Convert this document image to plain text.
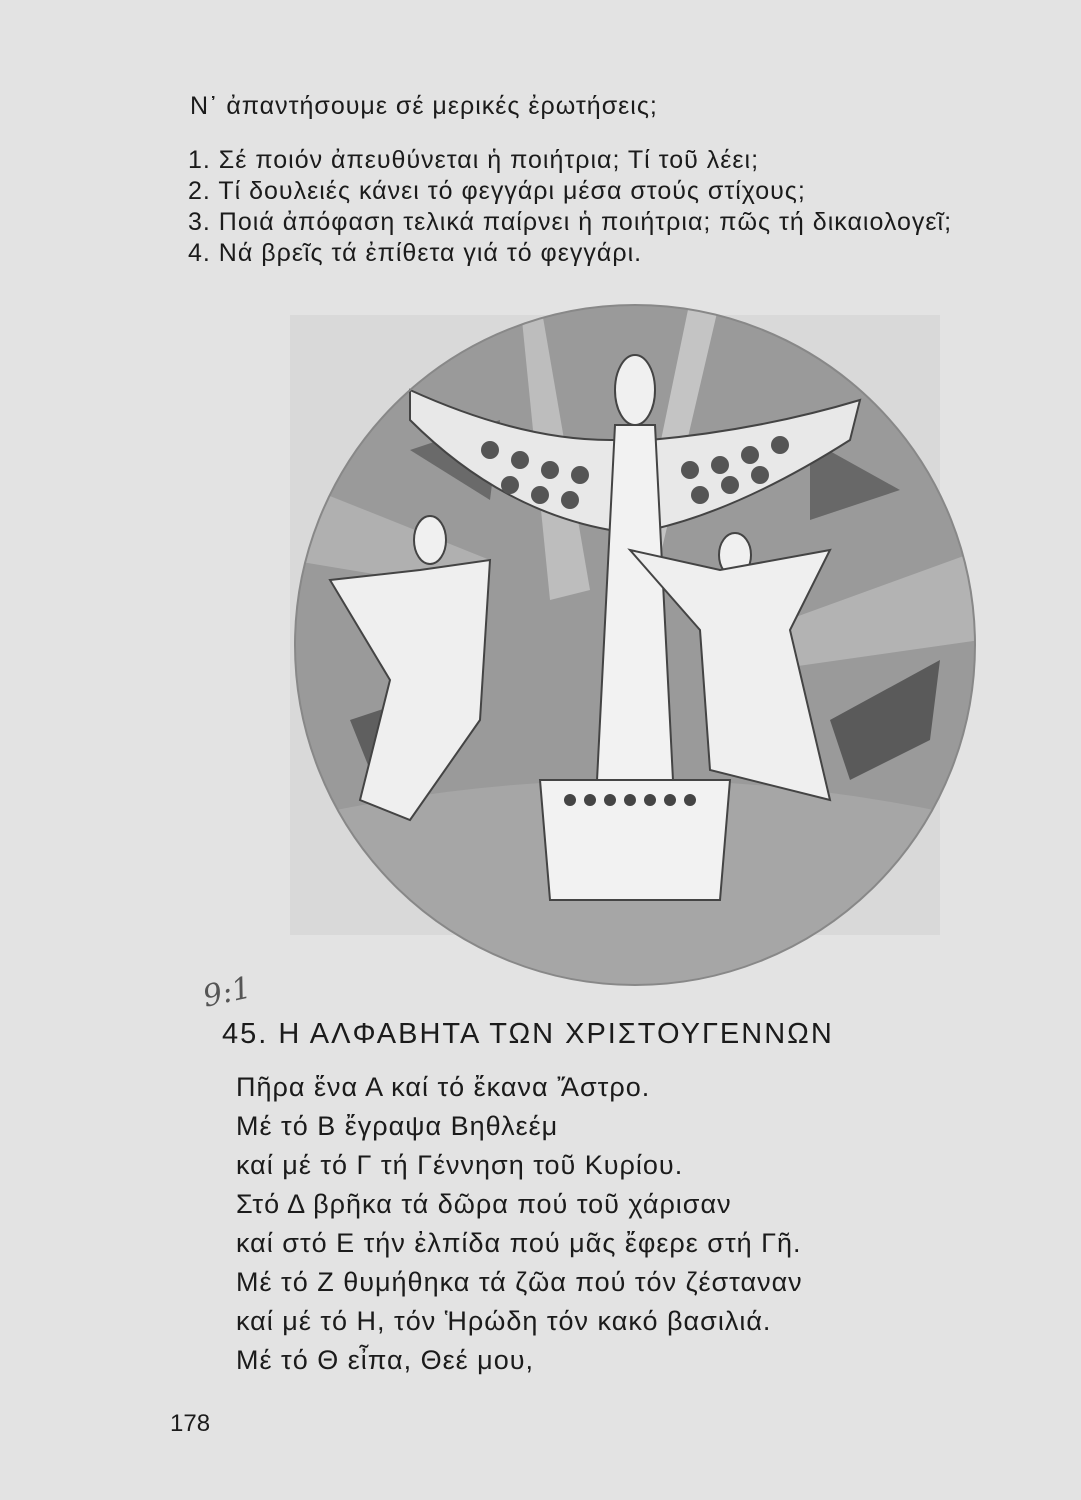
Ν᾽ ἀπαντήσουμε σέ μερικές ἐρωτήσεις;
1. Σέ ποιόν ἀπευθύνεται ἡ ποιήτρια; Τί τοῦ λέει;
2. Τί δουλειές κάνει τό φεγγάρι μέσα στούς στίχους;
3. Ποιά ἀπόφαση τελικά παίρνει ἡ ποιήτρια; πῶς τή δικαιολογεῖ;
4. Νά βρεῖς τά ἐπίθετα γιά τό φεγγάρι.
9:1
45. Η ΑΛΦΑΒΗΤΑ ΤΩΝ ΧΡΙΣΤΟΥΓΕΝΝΩΝ
Πῆρα ἕνα Α καί τό ἔκανα Ἄστρο.
Μέ τό Β ἔγραψα Βηθλεέμ
καί μέ τό Γ τή Γέννηση τοῦ Κυρίου.
Στό Δ βρῆκα τά δῶρα πού τοῦ χάρισαν
καί στό Ε τήν ἐλπίδα πού μᾶς ἔφερε στή Γῆ.
Μέ τό Ζ θυμήθηκα τά ζῶα πού τόν ζέσταναν
καί μέ τό Η, τόν Ἡρώδη τόν κακό βασιλιά.
Μέ τό Θ εἶπα, Θεέ μου,
178
